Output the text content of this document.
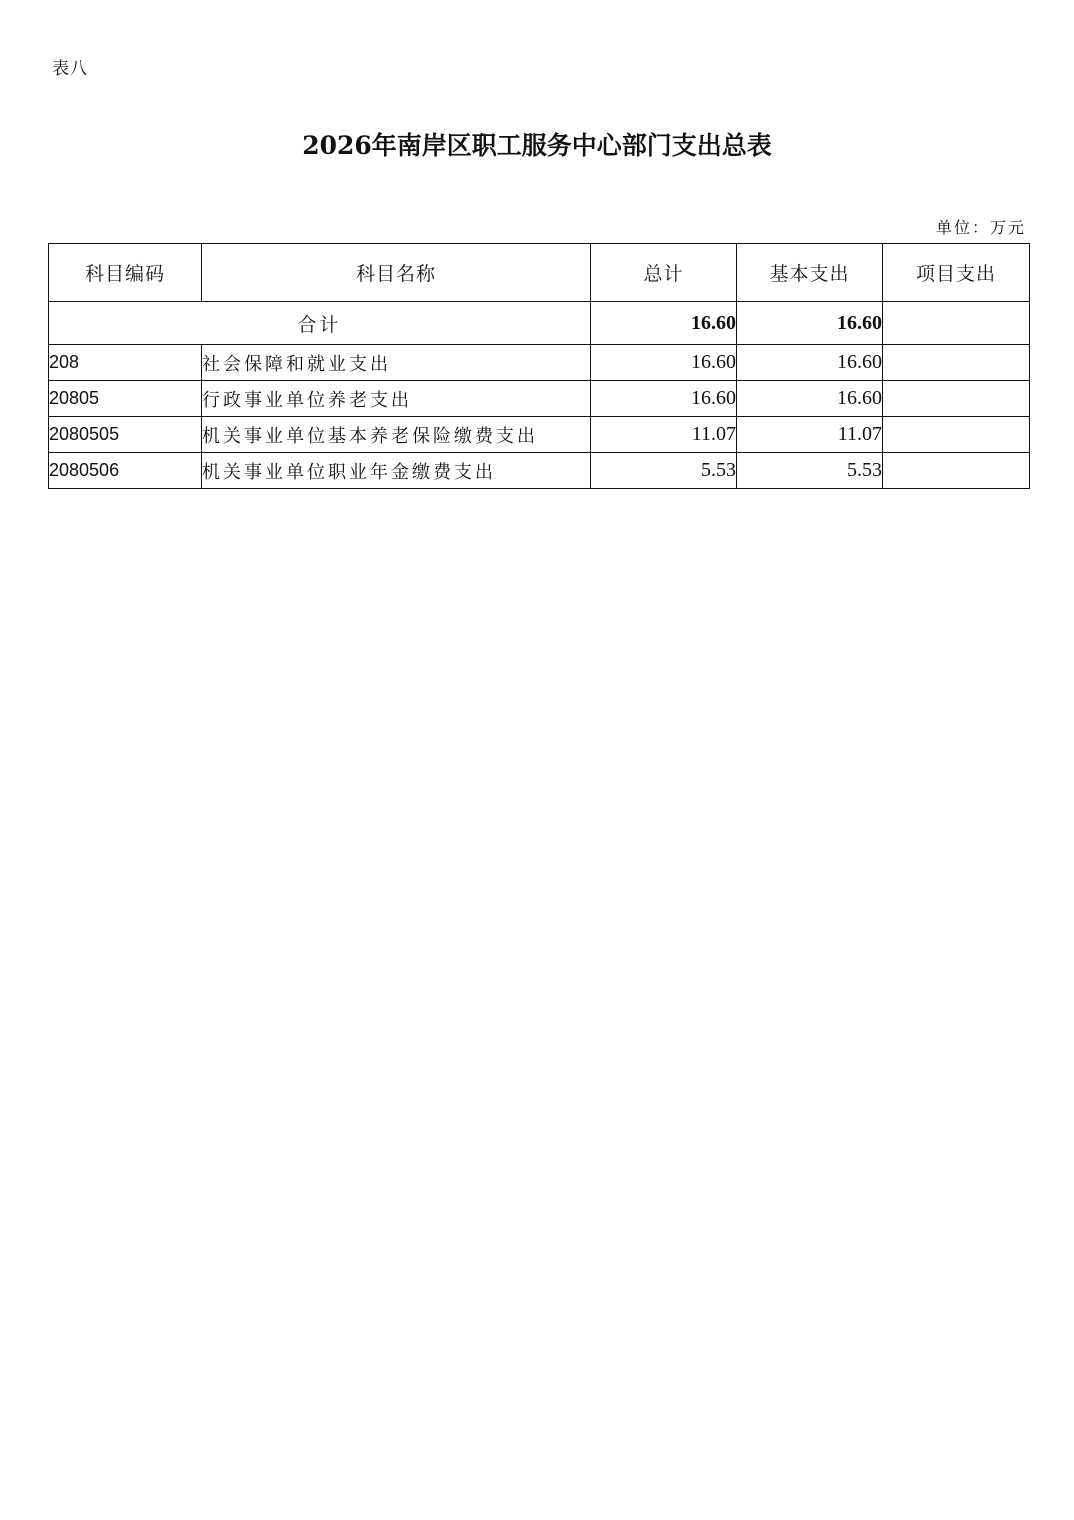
表八
2026年南岸区职工服务中心部门支出总表
单位：万元
科目编码	科目名称	总计	基本支出	项目支出
合计		16.60	16.60	
208	社会保障和就业支出	16.60	16.60	
20805	行政事业单位养老支出	16.60	16.60	
2080505	机关事业单位基本养老保险缴费支出	11.07	11.07	
2080506	机关事业单位职业年金缴费支出	5.53	5.53	
